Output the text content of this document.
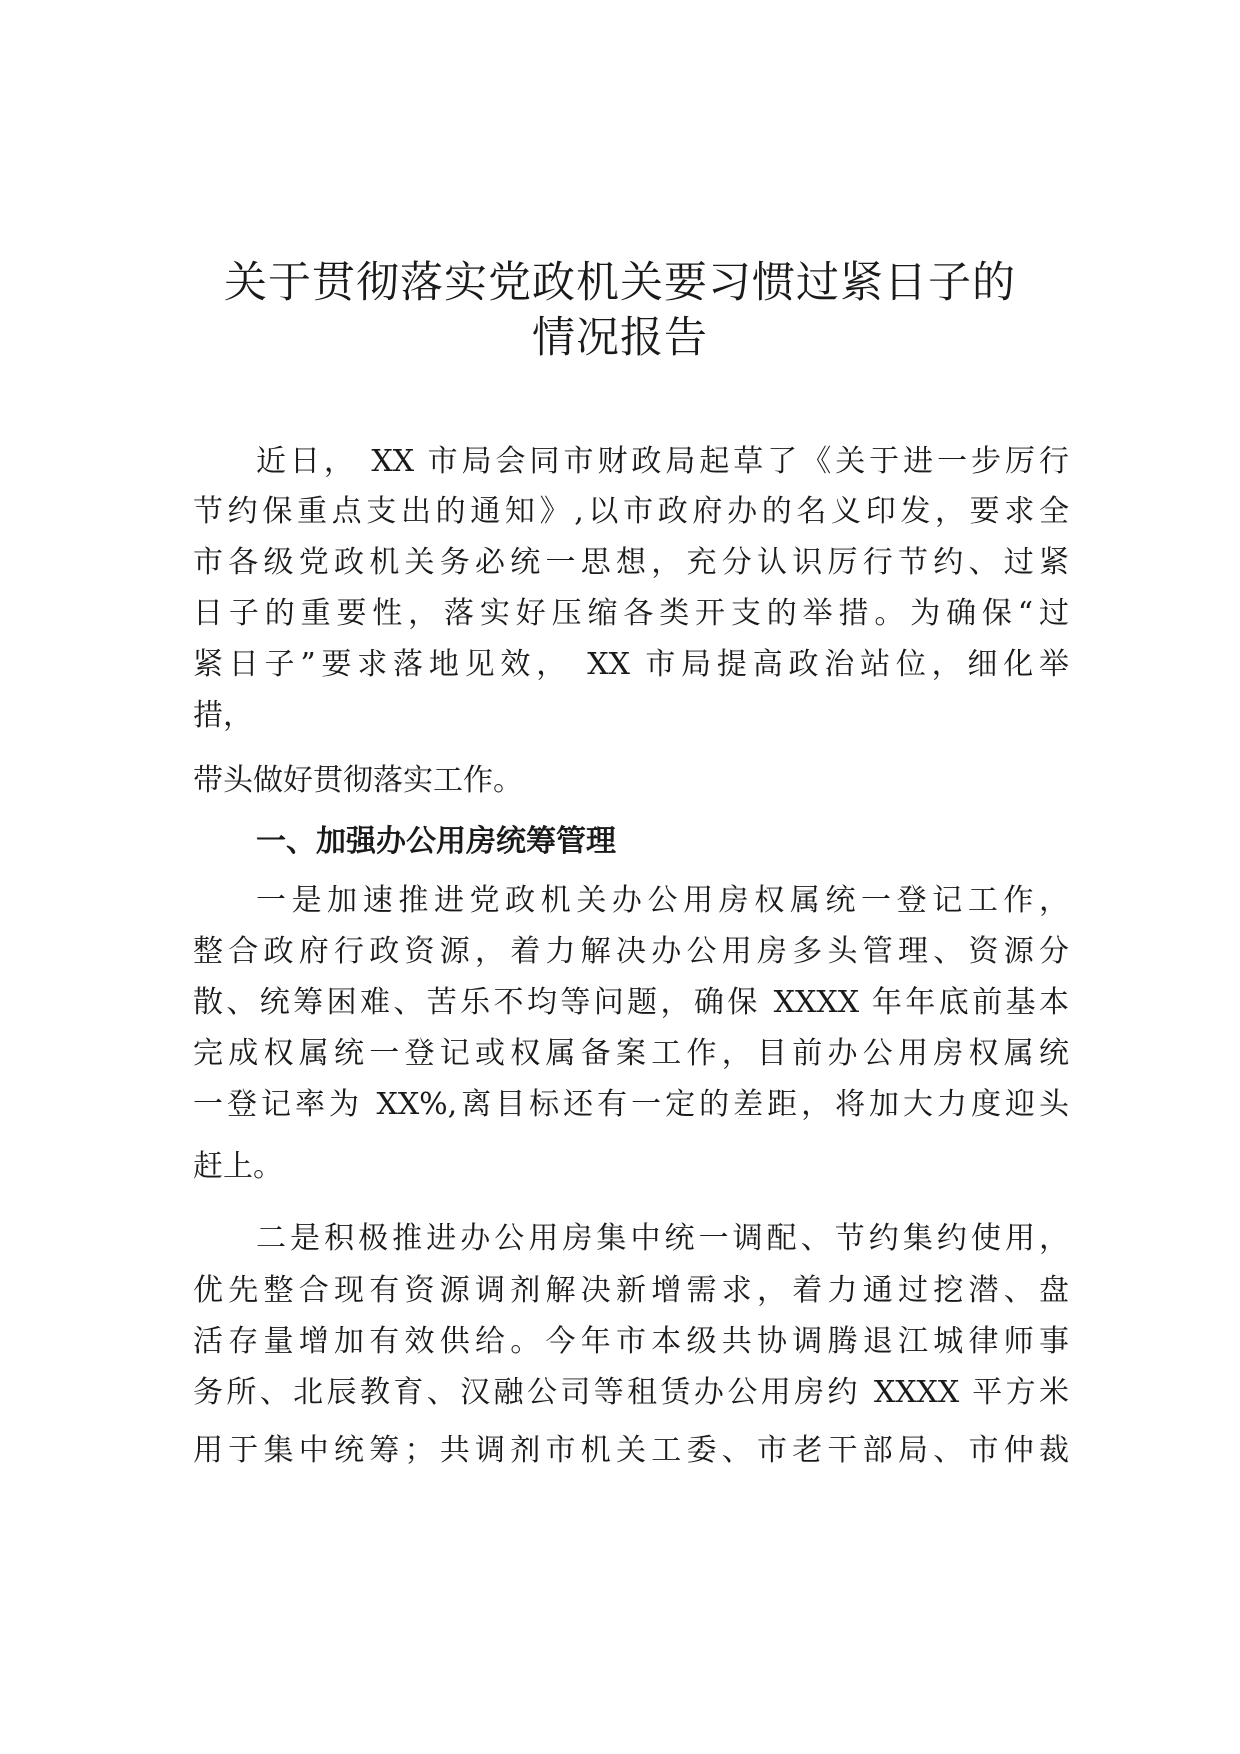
关于贯彻落实党政机关要习惯过紧日子的
情况报告

近日， XX 市局会同市财政局起草了《关于进一步厉行

节约保重点支出的通知》,以市政府办的名义印发，要求全

市各级党政机关务必统一思想，充分认识厉行节约、过紧

日子的重要性，落实好压缩各类开支的举措。为确保“过

紧日子”要求落地见效， XX 市局提高政治站位，细化举

措，

带头做好贯彻落实工作。

一、加强办公用房统筹管理

一是加速推进党政机关办公用房权属统一登记工作，

整合政府行政资源，着力解决办公用房多头管理、资源分

散、统筹困难、苦乐不均等问题，确保 XXXX 年年底前基本

完成权属统一登记或权属备案工作，目前办公用房权属统

一登记率为 XX%,离目标还有一定的差距，将加大力度迎头

赶上。

二是积极推进办公用房集中统一调配、节约集约使用，

优先整合现有资源调剂解决新增需求，着力通过挖潜、盘

活存量增加有效供给。今年市本级共协调腾退江城律师事

务所、北辰教育、汉融公司等租赁办公用房约 XXXX 平方米

用于集中统筹；共调剂市机关工委、市老干部局、市仲裁
